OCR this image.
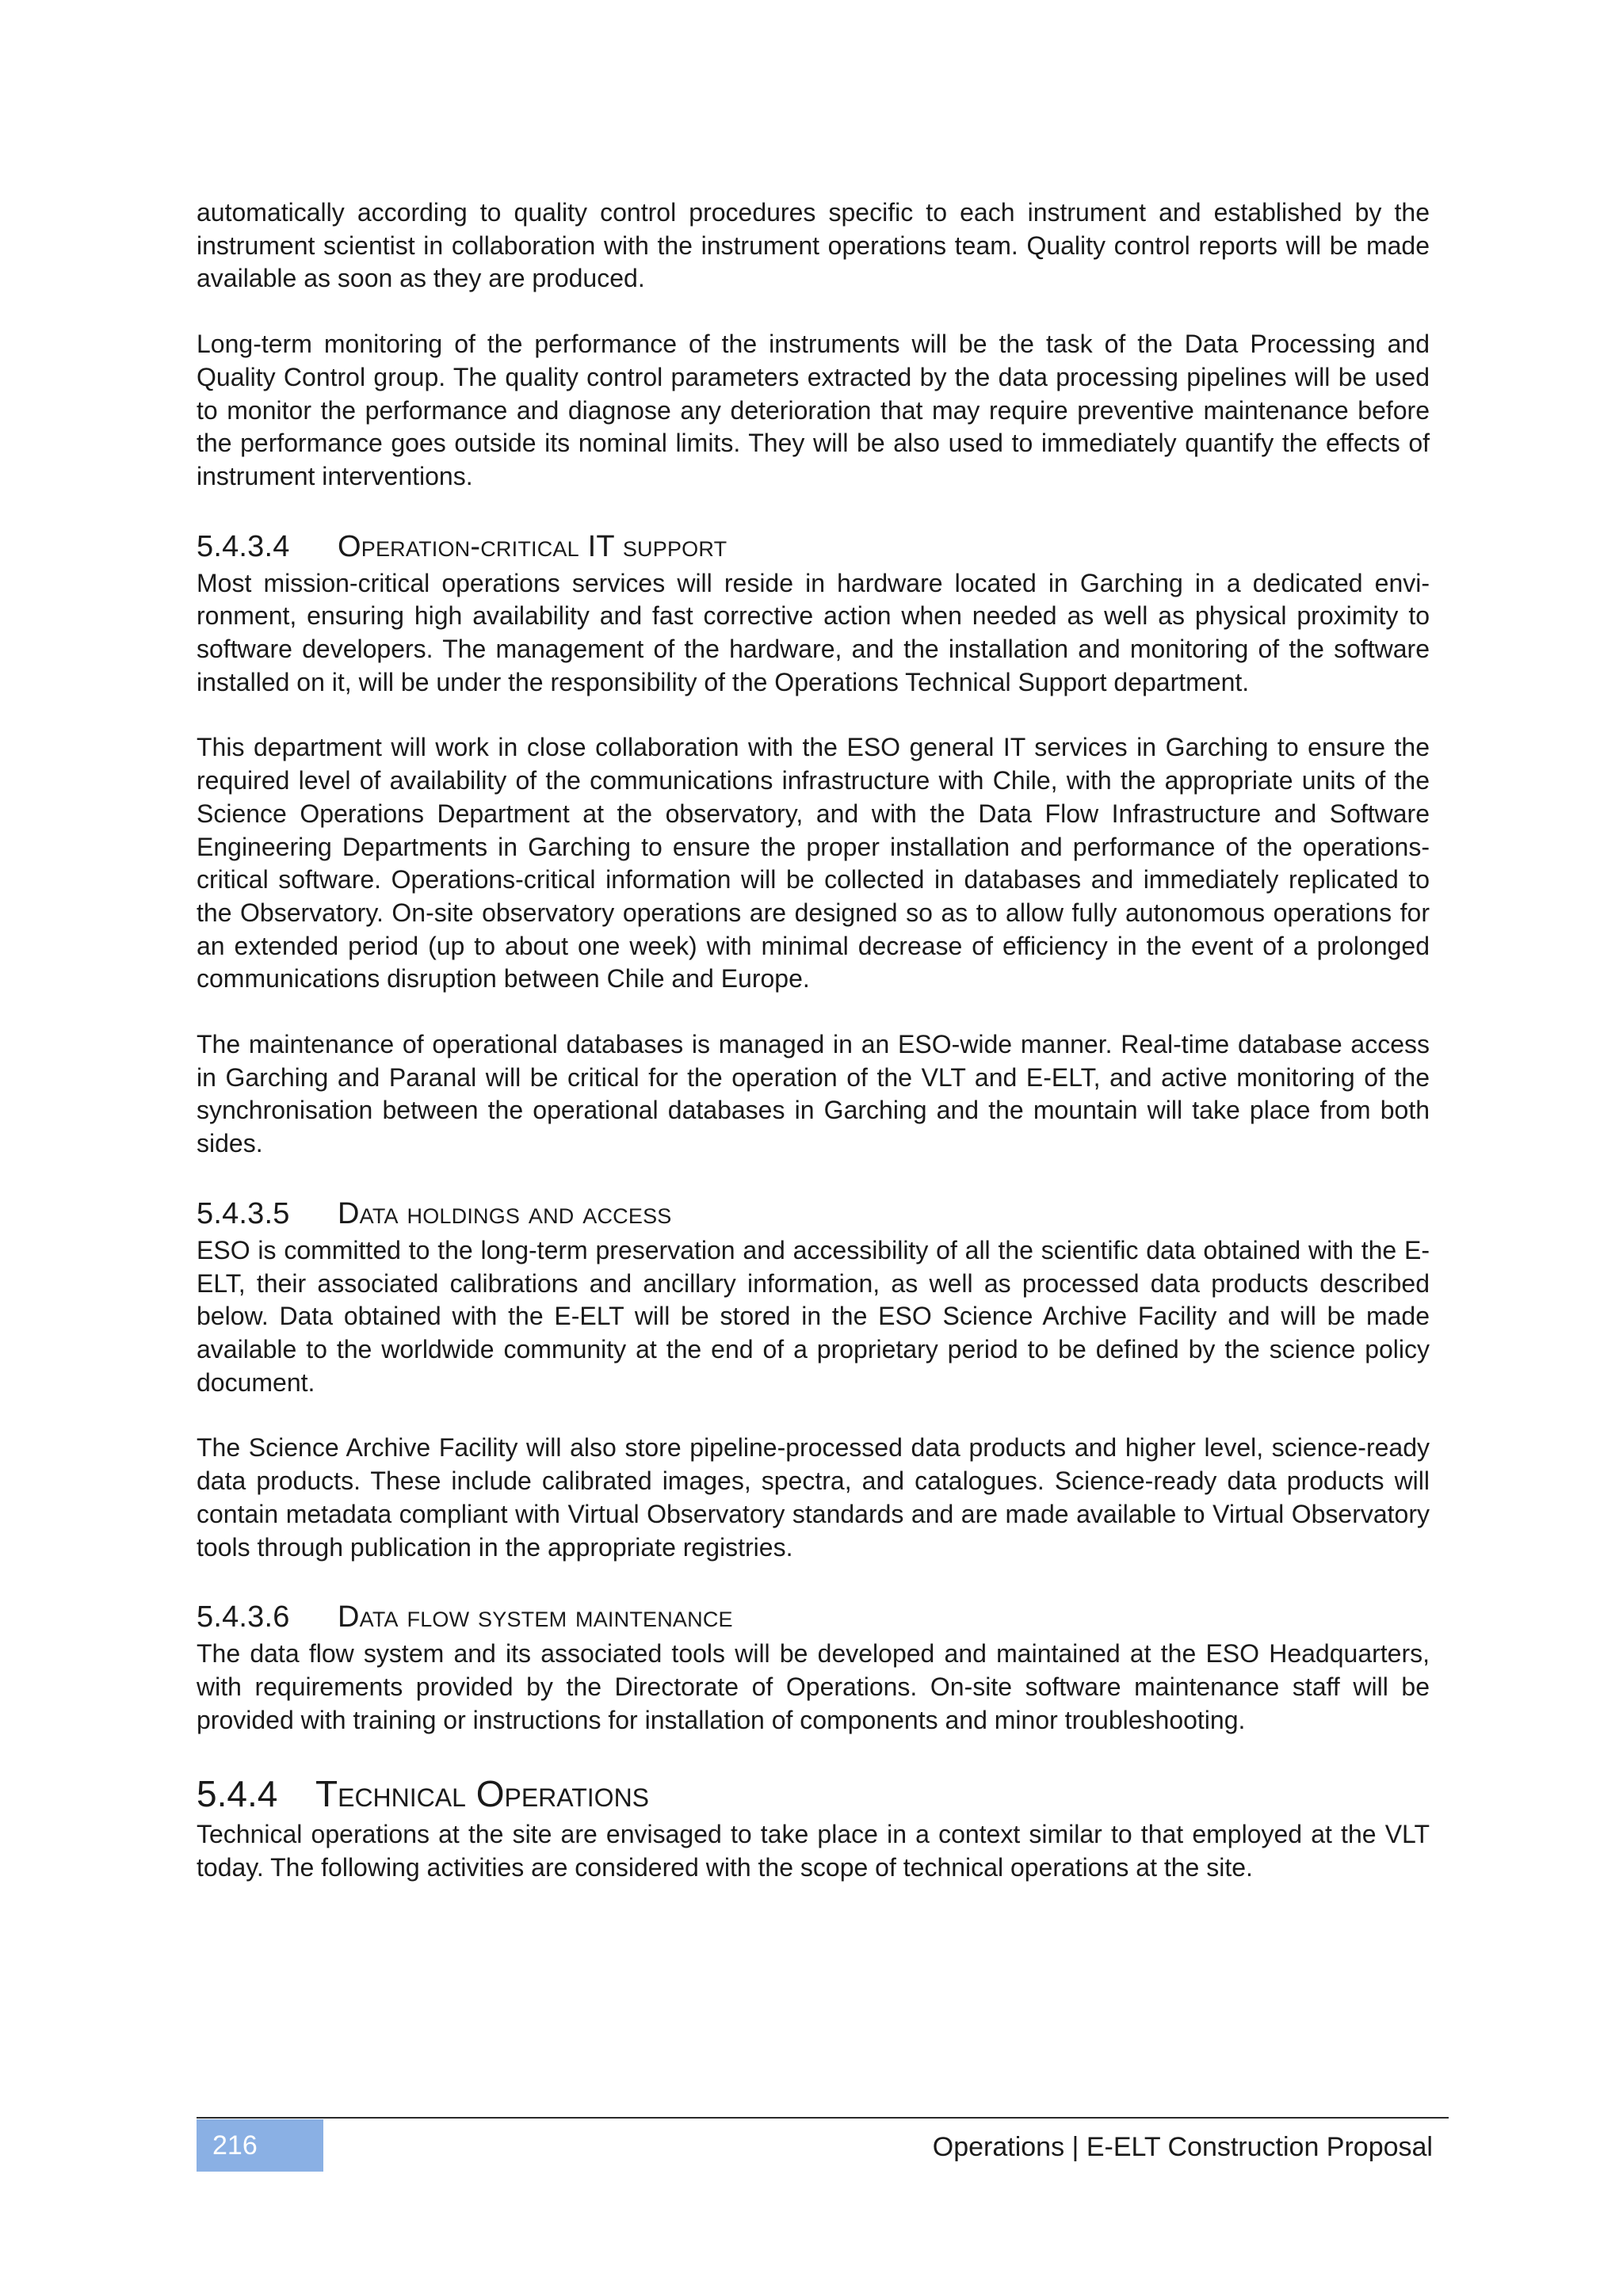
automatically according to quality control procedures specific to each instrument and established by the instrument scientist in collaboration with the instrument operations team. Quality control reports will be made available as soon as they are produced.

Long-term monitoring of the performance of the instruments will be the task of the Data Processing and Quality Control group. The quality control parameters extracted by the data processing pipelines will be used to monitor the performance and diagnose any deterioration that may require preventive maintenance before the performance goes outside its nominal limits. They will be also used to immediately quantify the effects of instrument interventions.

5.4.3.4 Operation-critical IT support

Most mission-critical operations services will reside in hardware located in Garching in a dedicated environment, ensuring high availability and fast corrective action when needed as well as physical proximity to software developers. The management of the hardware, and the installation and monitoring of the software installed on it, will be under the responsibility of the Operations Technical Support department.

This department will work in close collaboration with the ESO general IT services in Garching to ensure the required level of availability of the communications infrastructure with Chile, with the appropriate units of the Science Operations Department at the observatory, and with the Data Flow Infrastructure and Software Engineering Departments in Garching to ensure the proper installation and performance of the operations-critical software. Operations-critical information will be collected in databases and immediately replicated to the Observatory. On-site observatory operations are designed so as to allow fully autonomous operations for an extended period (up to about one week) with minimal decrease of efficiency in the event of a prolonged communications disruption between Chile and Europe.

The maintenance of operational databases is managed in an ESO-wide manner. Real-time database access in Garching and Paranal will be critical for the operation of the VLT and E-ELT, and active monitoring of the synchronisation between the operational databases in Garching and the mountain will take place from both sides.

5.4.3.5 Data holdings and access

ESO is committed to the long-term preservation and accessibility of all the scientific data obtained with the E-ELT, their associated calibrations and ancillary information, as well as processed data products described below. Data obtained with the E-ELT will be stored in the ESO Science Archive Facility and will be made available to the worldwide community at the end of a proprietary period to be defined by the science policy document.

The Science Archive Facility will also store pipeline-processed data products and higher level, science-ready data products. These include calibrated images, spectra, and catalogues. Science-ready data products will contain metadata compliant with Virtual Observatory standards and are made available to Virtual Observatory tools through publication in the appropriate registries.

5.4.3.6 Data flow system maintenance

The data flow system and its associated tools will be developed and maintained at the ESO Headquarters, with requirements provided by the Directorate of Operations. On-site software maintenance staff will be provided with training or instructions for installation of components and minor troubleshooting.

5.4.4 Technical Operations

Technical operations at the site are envisaged to take place in a context similar to that employed at the VLT today. The following activities are considered with the scope of technical operations at the site.

216	Operations | E-ELT Construction Proposal
